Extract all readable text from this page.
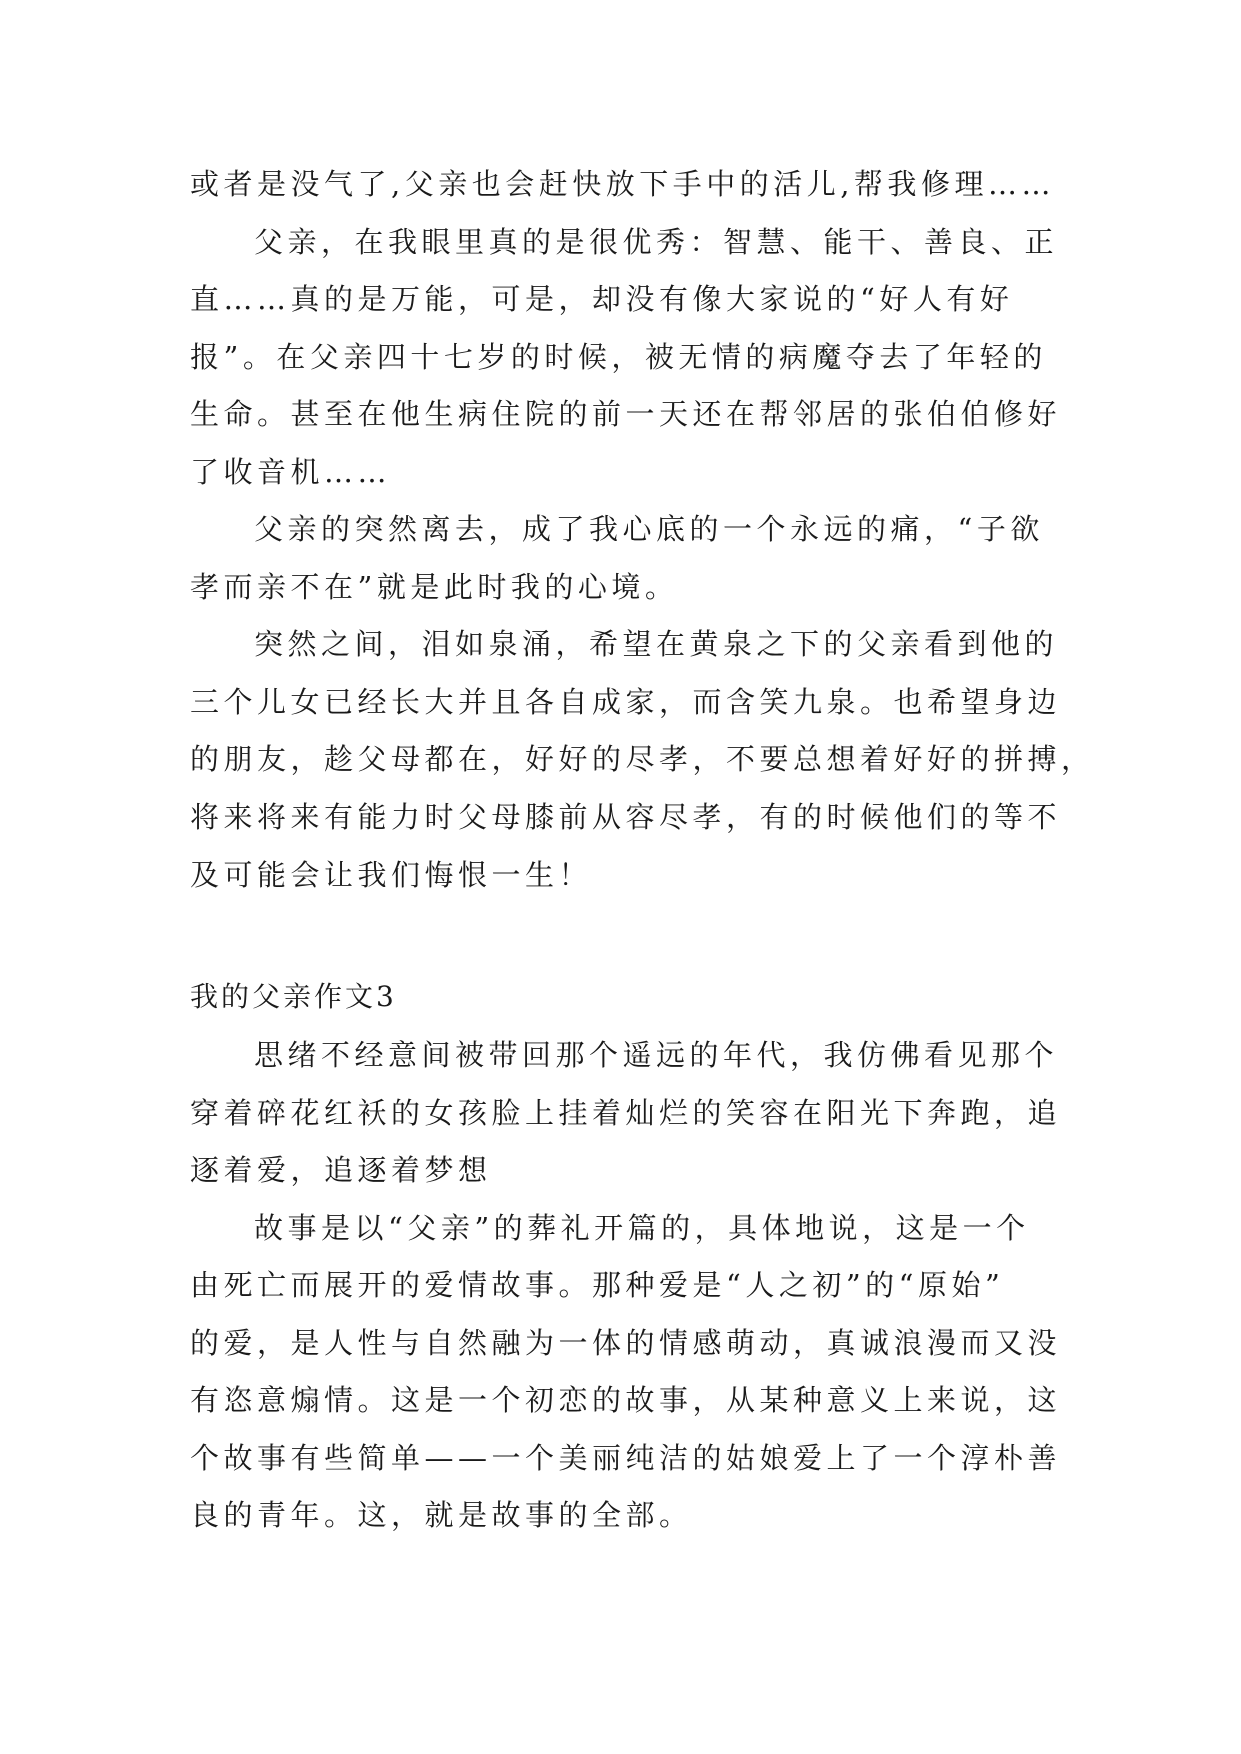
或者是没气了,父亲也会赶快放下手中的活儿,帮我修理……

父亲，在我眼里真的是很优秀：智慧、能干、善良、正

直……真的是万能，可是，却没有像大家说的“好人有好

报”。在父亲四十七岁的时候，被无情的病魔夺去了年轻的

生命。甚至在他生病住院的前一天还在帮邻居的张伯伯修好

了收音机……

父亲的突然离去，成了我心底的一个永远的痛，“子欲

孝而亲不在”就是此时我的心境。

突然之间，泪如泉涌，希望在黄泉之下的父亲看到他的

三个儿女已经长大并且各自成家，而含笑九泉。也希望身边

的朋友，趁父母都在，好好的尽孝，不要总想着好好的拼搏，

将来将来有能力时父母膝前从容尽孝，有的时候他们的等不

及可能会让我们悔恨一生！

我的父亲作文3

思绪不经意间被带回那个遥远的年代，我仿佛看见那个

穿着碎花红袄的女孩脸上挂着灿烂的笑容在阳光下奔跑，追

逐着爱，追逐着梦想

故事是以“父亲”的葬礼开篇的，具体地说，这是一个

由死亡而展开的爱情故事。那种爱是“人之初”的“原始”

的爱，是人性与自然融为一体的情感萌动，真诚浪漫而又没

有恣意煽情。这是一个初恋的故事，从某种意义上来说，这

个故事有些简单——一个美丽纯洁的姑娘爱上了一个淳朴善

良的青年。这，就是故事的全部。
